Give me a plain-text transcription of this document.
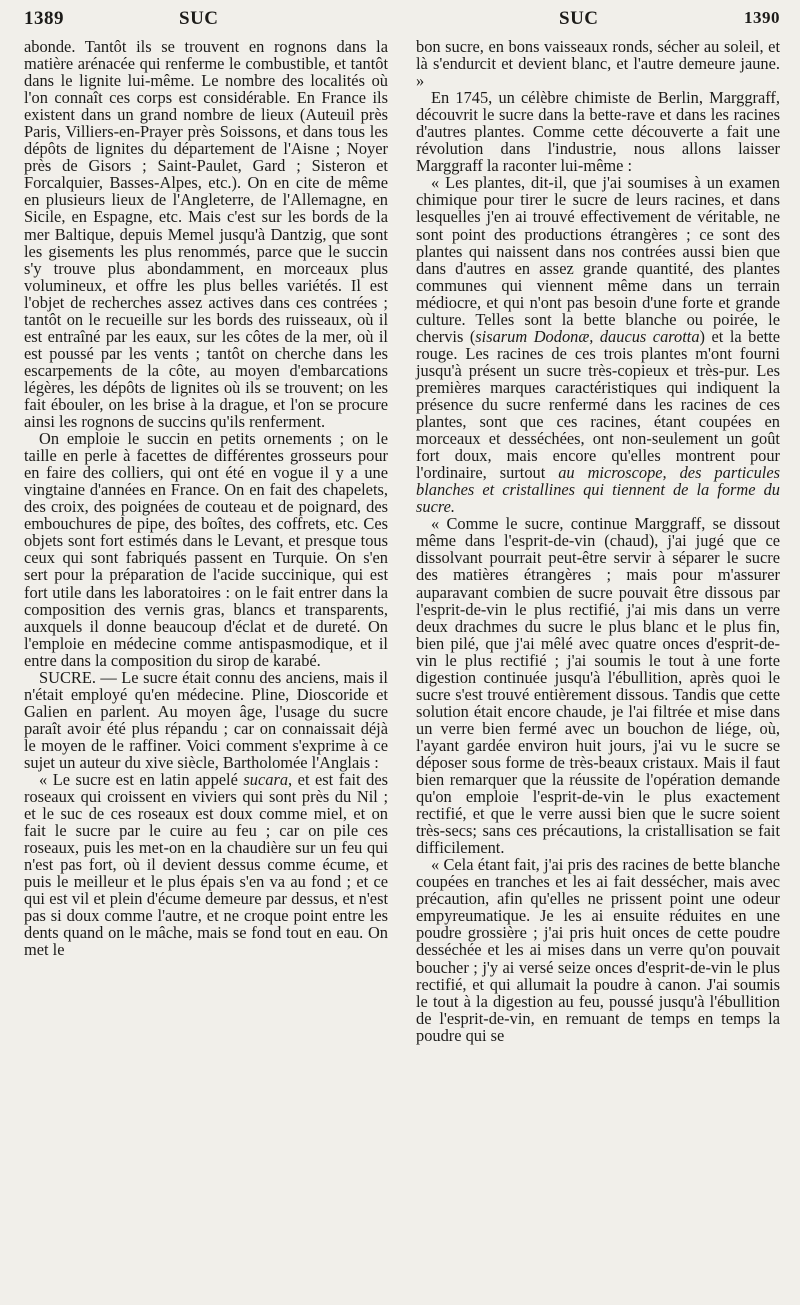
1389	SUC	SUC	1390

abonde. Tantôt ils se trouvent en rognons dans la matière arénacée qui renferme le combustible, et tantôt dans le lignite lui-même. Le nombre des localités où l'on connaît ces corps est considérable. En France ils existent dans un grand nombre de lieux (Auteuil près Paris, Villiers-en-Prayer près Soissons, et dans tous les dépôts de lignites du département de l'Aisne ; Noyer près de Gisors ; Saint-Paulet, Gard ; Sisteron et Forcalquier, Basses-Alpes, etc.). On en cite de même en plusieurs lieux de l'Angleterre, de l'Allemagne, en Sicile, en Espagne, etc. Mais c'est sur les bords de la mer Baltique, depuis Memel jusqu'à Dantzig, que sont les gisements les plus renommés, parce que le succin s'y trouve plus abondamment, en morceaux plus volumineux, et offre les plus belles variétés. Il est l'objet de recherches assez actives dans ces contrées ; tantôt on le recueille sur les bords des ruisseaux, où il est entraîné par les eaux, sur les côtes de la mer, où il est poussé par les vents ; tantôt on cherche dans les escarpements de la côte, au moyen d'embarcations légères, les dépôts de lignites où ils se trouvent; on les fait ébouler, on les brise à la drague, et l'on se procure ainsi les rognons de succins qu'ils renferment.

On emploie le succin en petits ornements ; on le taille en perle à facettes de différentes grosseurs pour en faire des colliers, qui ont été en vogue il y a une vingtaine d'années en France. On en fait des chapelets, des croix, des poignées de couteau et de poignard, des embouchures de pipe, des boîtes, des coffrets, etc. Ces objets sont fort estimés dans le Levant, et presque tous ceux qui sont fabriqués passent en Turquie. On s'en sert pour la préparation de l'acide succinique, qui est fort utile dans les laboratoires : on le fait entrer dans la composition des vernis gras, blancs et transparents, auxquels il donne beaucoup d'éclat et de dureté. On l'emploie en médecine comme antispasmodique, et il entre dans la composition du sirop de karabé.

SUCRE. — Le sucre était connu des anciens, mais il n'était employé qu'en médecine. Pline, Dioscoride et Galien en parlent. Au moyen âge, l'usage du sucre paraît avoir été plus répandu ; car on connaissait déjà le moyen de le raffiner. Voici comment s'exprime à ce sujet un auteur du xive siècle, Bartholomée l'Anglais :

« Le sucre est en latin appelé sucara, et est fait des roseaux qui croissent en viviers qui sont près du Nil ; et le suc de ces roseaux est doux comme miel, et on fait le sucre par le cuire au feu ; car on pile ces roseaux, puis les met-on en la chaudière sur un feu qui n'est pas fort, où il devient dessus comme écume, et puis le meilleur et le plus épais s'en va au fond ; et ce qui est vil et plein d'écume demeure par dessus, et n'est pas si doux comme l'autre, et ne croque point entre les dents quand on le mâche, mais se fond tout en eau. On met le

bon sucre, en bons vaisseaux ronds, sécher au soleil, et là s'endurcit et devient blanc, et l'autre demeure jaune. »

En 1745, un célèbre chimiste de Berlin, Marggraff, découvrit le sucre dans la bette-rave et dans les racines d'autres plantes. Comme cette découverte a fait une révolution dans l'industrie, nous allons laisser Marggraff la raconter lui-même :

« Les plantes, dit-il, que j'ai soumises à un examen chimique pour tirer le sucre de leurs racines, et dans lesquelles j'en ai trouvé effectivement de véritable, ne sont point des productions étrangères ; ce sont des plantes qui naissent dans nos contrées aussi bien que dans d'autres en assez grande quantité, des plantes communes qui viennent même dans un terrain médiocre, et qui n'ont pas besoin d'une forte et grande culture. Telles sont la bette blanche ou poirée, le chervis (sisarum Dodonæ, daucus carotta) et la bette rouge. Les racines de ces trois plantes m'ont fourni jusqu'à présent un sucre très-copieux et très-pur. Les premières marques caractéristiques qui indiquent la présence du sucre renfermé dans les racines de ces plantes, sont que ces racines, étant coupées en morceaux et desséchées, ont non-seulement un goût fort doux, mais encore qu'elles montrent pour l'ordinaire, surtout au microscope, des particules blanches et cristallines qui tiennent de la forme du sucre.

« Comme le sucre, continue Marggraff, se dissout même dans l'esprit-de-vin (chaud), j'ai jugé que ce dissolvant pourrait peut-être servir à séparer le sucre des matières étrangères ; mais pour m'assurer auparavant combien de sucre pouvait être dissous par l'esprit-de-vin le plus rectifié, j'ai mis dans un verre deux drachmes du sucre le plus blanc et le plus fin, bien pilé, que j'ai mêlé avec quatre onces d'esprit-de-vin le plus rectifié ; j'ai soumis le tout à une forte digestion continuée jusqu'à l'ébullition, après quoi le sucre s'est trouvé entièrement dissous. Tandis que cette solution était encore chaude, je l'ai filtrée et mise dans un verre bien fermé avec un bouchon de liége, où, l'ayant gardée environ huit jours, j'ai vu le sucre se déposer sous forme de très-beaux cristaux. Mais il faut bien remarquer que la réussite de l'opération demande qu'on emploie l'esprit-de-vin le plus exactement rectifié, et que le verre aussi bien que le sucre soient très-secs; sans ces précautions, la cristallisation se fait difficilement.

« Cela étant fait, j'ai pris des racines de bette blanche coupées en tranches et les ai fait dessécher, mais avec précaution, afin qu'elles ne prissent point une odeur empyreumatique. Je les ai ensuite réduites en une poudre grossière ; j'ai pris huit onces de cette poudre desséchée et les ai mises dans un verre qu'on pouvait boucher ; j'y ai versé seize onces d'esprit-de-vin le plus rectifié, et qui allumait la poudre à canon. J'ai soumis le tout à la digestion au feu, poussé jusqu'à l'ébullition de l'esprit-de-vin, en remuant de temps en temps la poudre qui se
